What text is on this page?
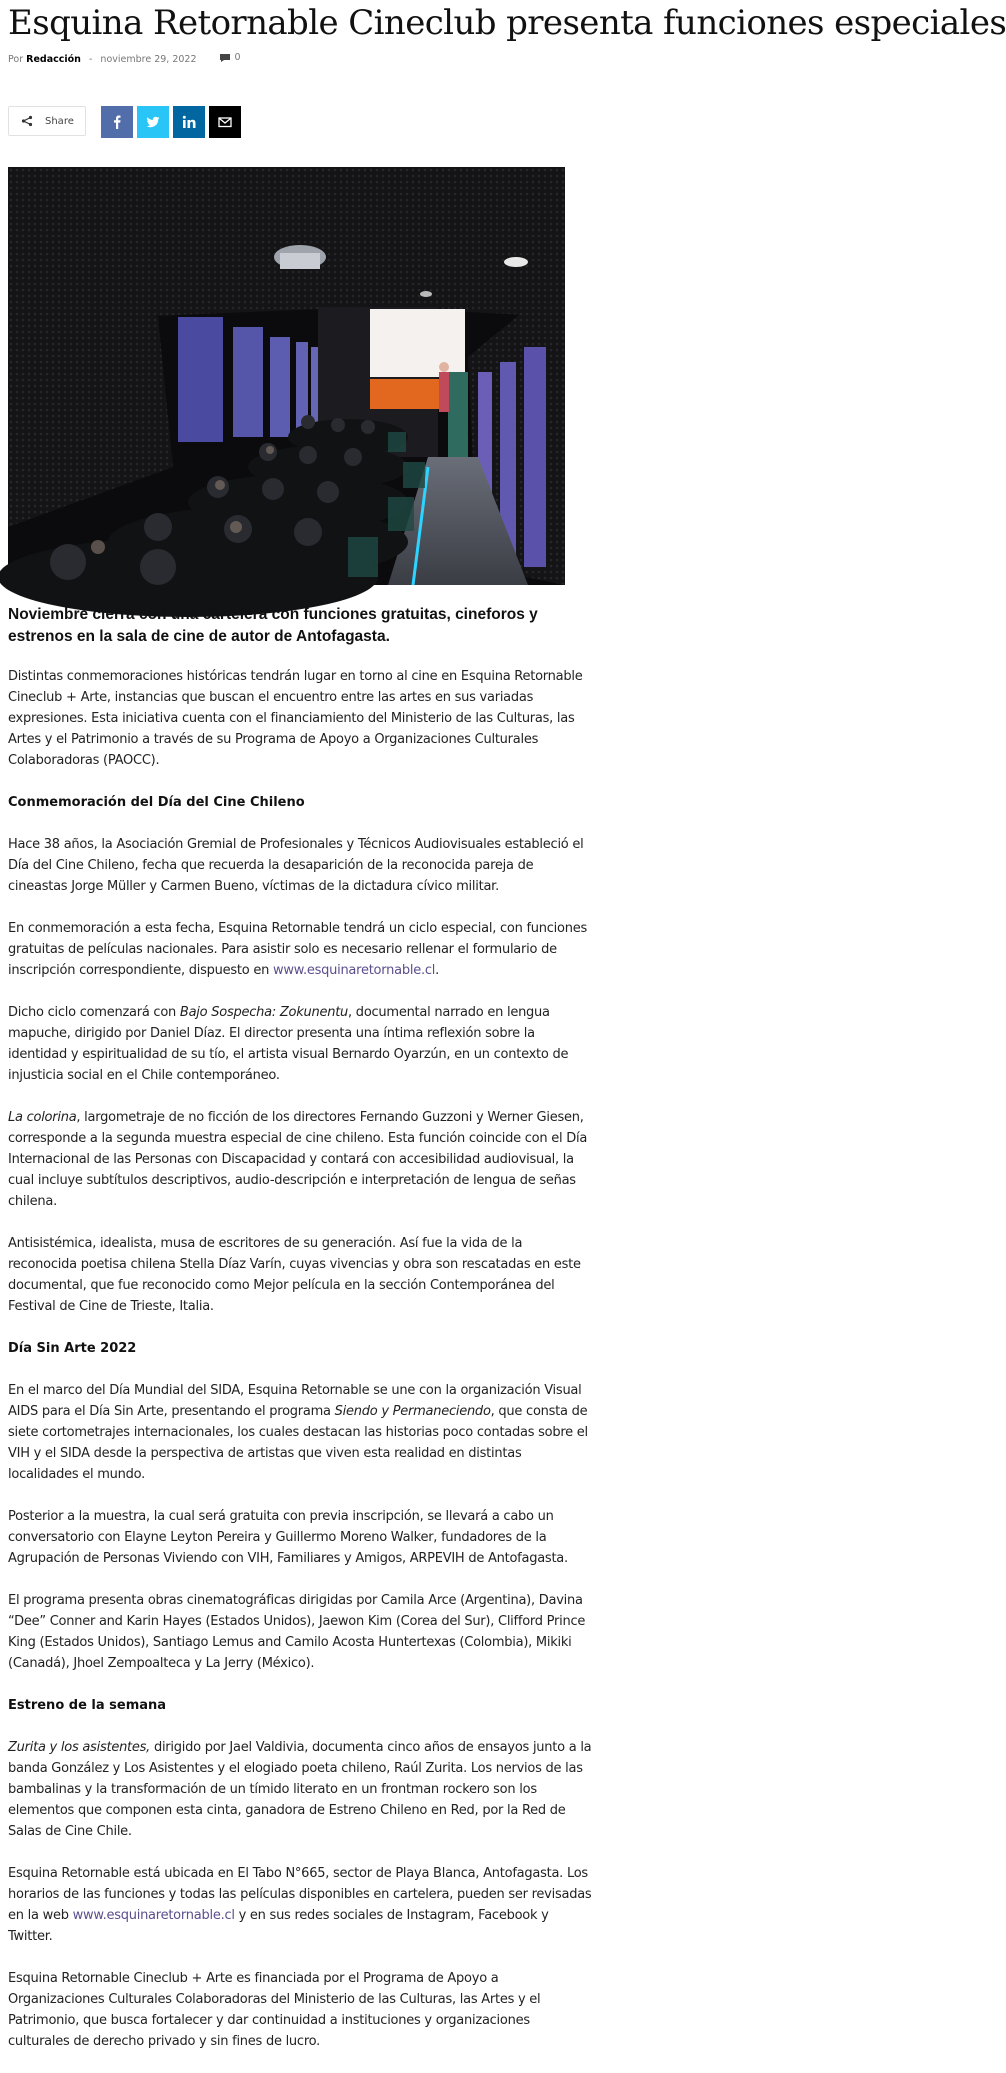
Esquina Retornable Cineclub presenta funciones especiales
Por Redacción - noviembre 29, 2022	0
Share

Noviembre cierra con una cartelera con funciones gratuitas, cineforos y estrenos en la sala de cine de autor de Antofagasta.

Distintas conmemoraciones históricas tendrán lugar en torno al cine en Esquina Retornable Cineclub + Arte, instancias que buscan el encuentro entre las artes en sus variadas expresiones. Esta iniciativa cuenta con el financiamiento del Ministerio de las Culturas, las Artes y el Patrimonio a través de su Programa de Apoyo a Organizaciones Culturales Colaboradoras (PAOCC).

Conmemoración del Día del Cine Chileno

Hace 38 años, la Asociación Gremial de Profesionales y Técnicos Audiovisuales estableció el Día del Cine Chileno, fecha que recuerda la desaparición de la reconocida pareja de cineastas Jorge Müller y Carmen Bueno, víctimas de la dictadura cívico militar.

En conmemoración a esta fecha, Esquina Retornable tendrá un ciclo especial, con funciones gratuitas de películas nacionales. Para asistir solo es necesario rellenar el formulario de inscripción correspondiente, dispuesto en www.esquinaretornable.cl.

Dicho ciclo comenzará con Bajo Sospecha: Zokunentu, documental narrado en lengua mapuche, dirigido por Daniel Díaz. El director presenta una íntima reflexión sobre la identidad y espiritualidad de su tío, el artista visual Bernardo Oyarzún, en un contexto de injusticia social en el Chile contemporáneo.

La colorina, largometraje de no ficción de los directores Fernando Guzzoni y Werner Giesen, corresponde a la segunda muestra especial de cine chileno. Esta función coincide con el Día Internacional de las Personas con Discapacidad y contará con accesibilidad audiovisual, la cual incluye subtítulos descriptivos, audio-descripción e interpretación de lengua de señas chilena.

Antisistémica, idealista, musa de escritores de su generación. Así fue la vida de la reconocida poetisa chilena Stella Díaz Varín, cuyas vivencias y obra son rescatadas en este documental, que fue reconocido como Mejor película en la sección Contemporánea del Festival de Cine de Trieste, Italia.

Día Sin Arte 2022

En el marco del Día Mundial del SIDA, Esquina Retornable se une con la organización Visual AIDS para el Día Sin Arte, presentando el programa Siendo y Permaneciendo, que consta de siete cortometrajes internacionales, los cuales destacan las historias poco contadas sobre el VIH y el SIDA desde la perspectiva de artistas que viven esta realidad en distintas localidades el mundo.

Posterior a la muestra, la cual será gratuita con previa inscripción, se llevará a cabo un conversatorio con Elayne Leyton Pereira y Guillermo Moreno Walker, fundadores de la Agrupación de Personas Viviendo con VIH, Familiares y Amigos, ARPEVIH de Antofagasta.

El programa presenta obras cinematográficas dirigidas por Camila Arce (Argentina), Davina “Dee” Conner and Karin Hayes (Estados Unidos), Jaewon Kim (Corea del Sur), Clifford Prince King (Estados Unidos), Santiago Lemus and Camilo Acosta Huntertexas (Colombia), Mikiki (Canadá), Jhoel Zempoalteca y La Jerry (México).

Estreno de la semana

Zurita y los asistentes, dirigido por Jael Valdivia, documenta cinco años de ensayos junto a la banda González y Los Asistentes y el elogiado poeta chileno, Raúl Zurita. Los nervios de las bambalinas y la transformación de un tímido literato en un frontman rockero son los elementos que componen esta cinta, ganadora de Estreno Chileno en Red, por la Red de Salas de Cine Chile.

Esquina Retornable está ubicada en El Tabo N°665, sector de Playa Blanca, Antofagasta. Los horarios de las funciones y todas las películas disponibles en cartelera, pueden ser revisadas en la web www.esquinaretornable.cl y en sus redes sociales de Instagram, Facebook y Twitter.

Esquina Retornable Cineclub + Arte es financiada por el Programa de Apoyo a Organizaciones Culturales Colaboradoras del Ministerio de las Culturas, las Artes y el Patrimonio, que busca fortalecer y dar continuidad a instituciones y organizaciones culturales de derecho privado y sin fines de lucro.
